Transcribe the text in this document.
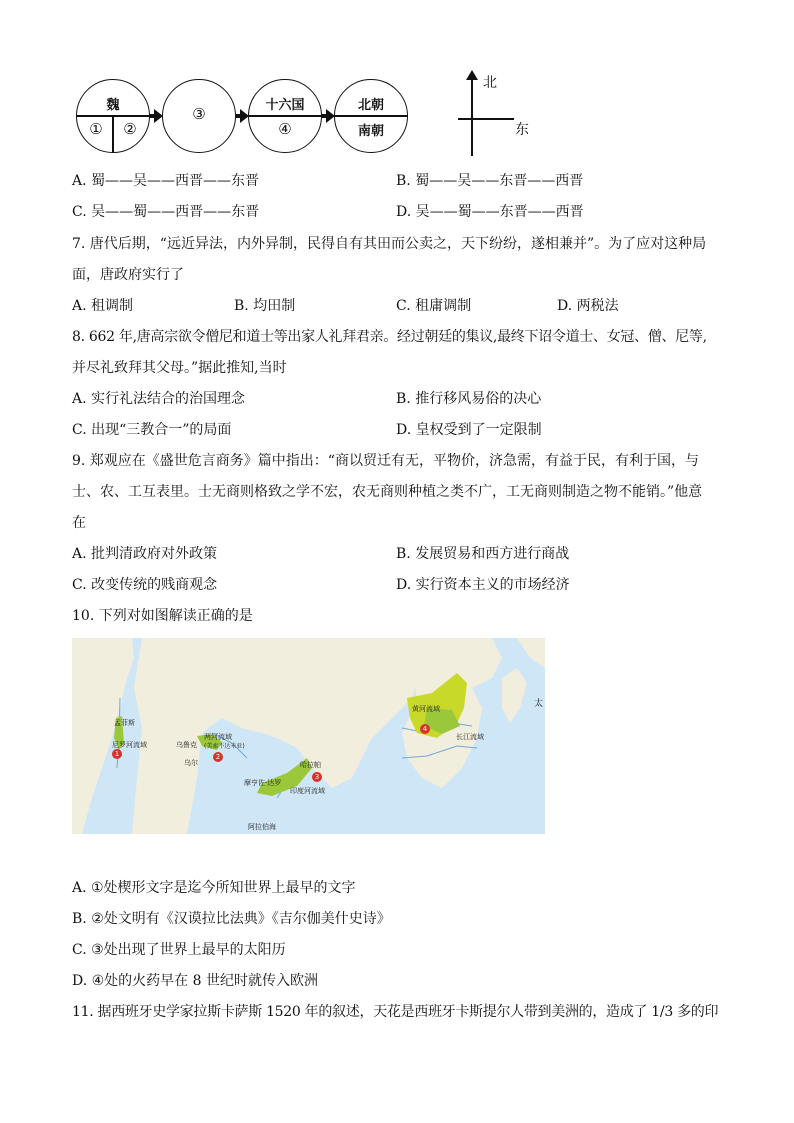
魏
①	②
③	十六国
④
北朝
南朝
北
东
A. 蜀——吴——西晋——东晋	B. 蜀——吴——东晋——西晋
C. 吴——蜀——西晋——东晋	D. 吴——蜀——东晋——西晋
7. 唐代后期，“远近异法，内外异制，民得自有其田而公卖之，天下纷纷，遂相兼并”。为了应对这种局
面，唐政府实行了
A. 租调制	B. 均田制	C. 租庸调制	D. 两税法
8. 662 年,唐高宗欲令僧尼和道士等出家人礼拜君亲。经过朝廷的集议,最终下诏令道士、女冠、僧、尼等,
并尽礼致拜其父母。”据此推知,当时
A. 实行礼法结合的治国理念	B. 推行移风易俗的决心
C. 出现“三教合一”的局面	D. 皇权受到了一定限制
9. 郑观应在《盛世危言商务》篇中指出：“商以贸迁有无，平物价，济急需，有益于民，有利于国，与
士、农、工互表里。士无商则格致之学不宏，农无商则种植之类不广，工无商则制造之物不能销。”他意
在
A. 批判清政府对外政策	B. 发展贸易和西方进行商战
C. 改变传统的贱商观念	D. 实行资本主义的市场经济
10. 下列对如图解读正确的是
孟菲斯
尼罗河流域	乌鲁克
乌尔
两河流域
(美索不达米亚)
哈拉帕
摩亨佐·达罗
印度河流域
黄河流域
长江流域
阿拉伯海
太
1	2
3
4
A. ①处楔形文字是迄今所知世界上最早的文字
B. ②处文明有《汉谟拉比法典》《吉尔伽美什史诗》
C. ③处出现了世界上最早的太阳历
D. ④处的火药早在 8 世纪时就传入欧洲
11. 据西班牙史学家拉斯卡萨斯 1520 年的叙述，天花是西班牙卡斯提尔人带到美洲的，造成了 1/3 多的印
